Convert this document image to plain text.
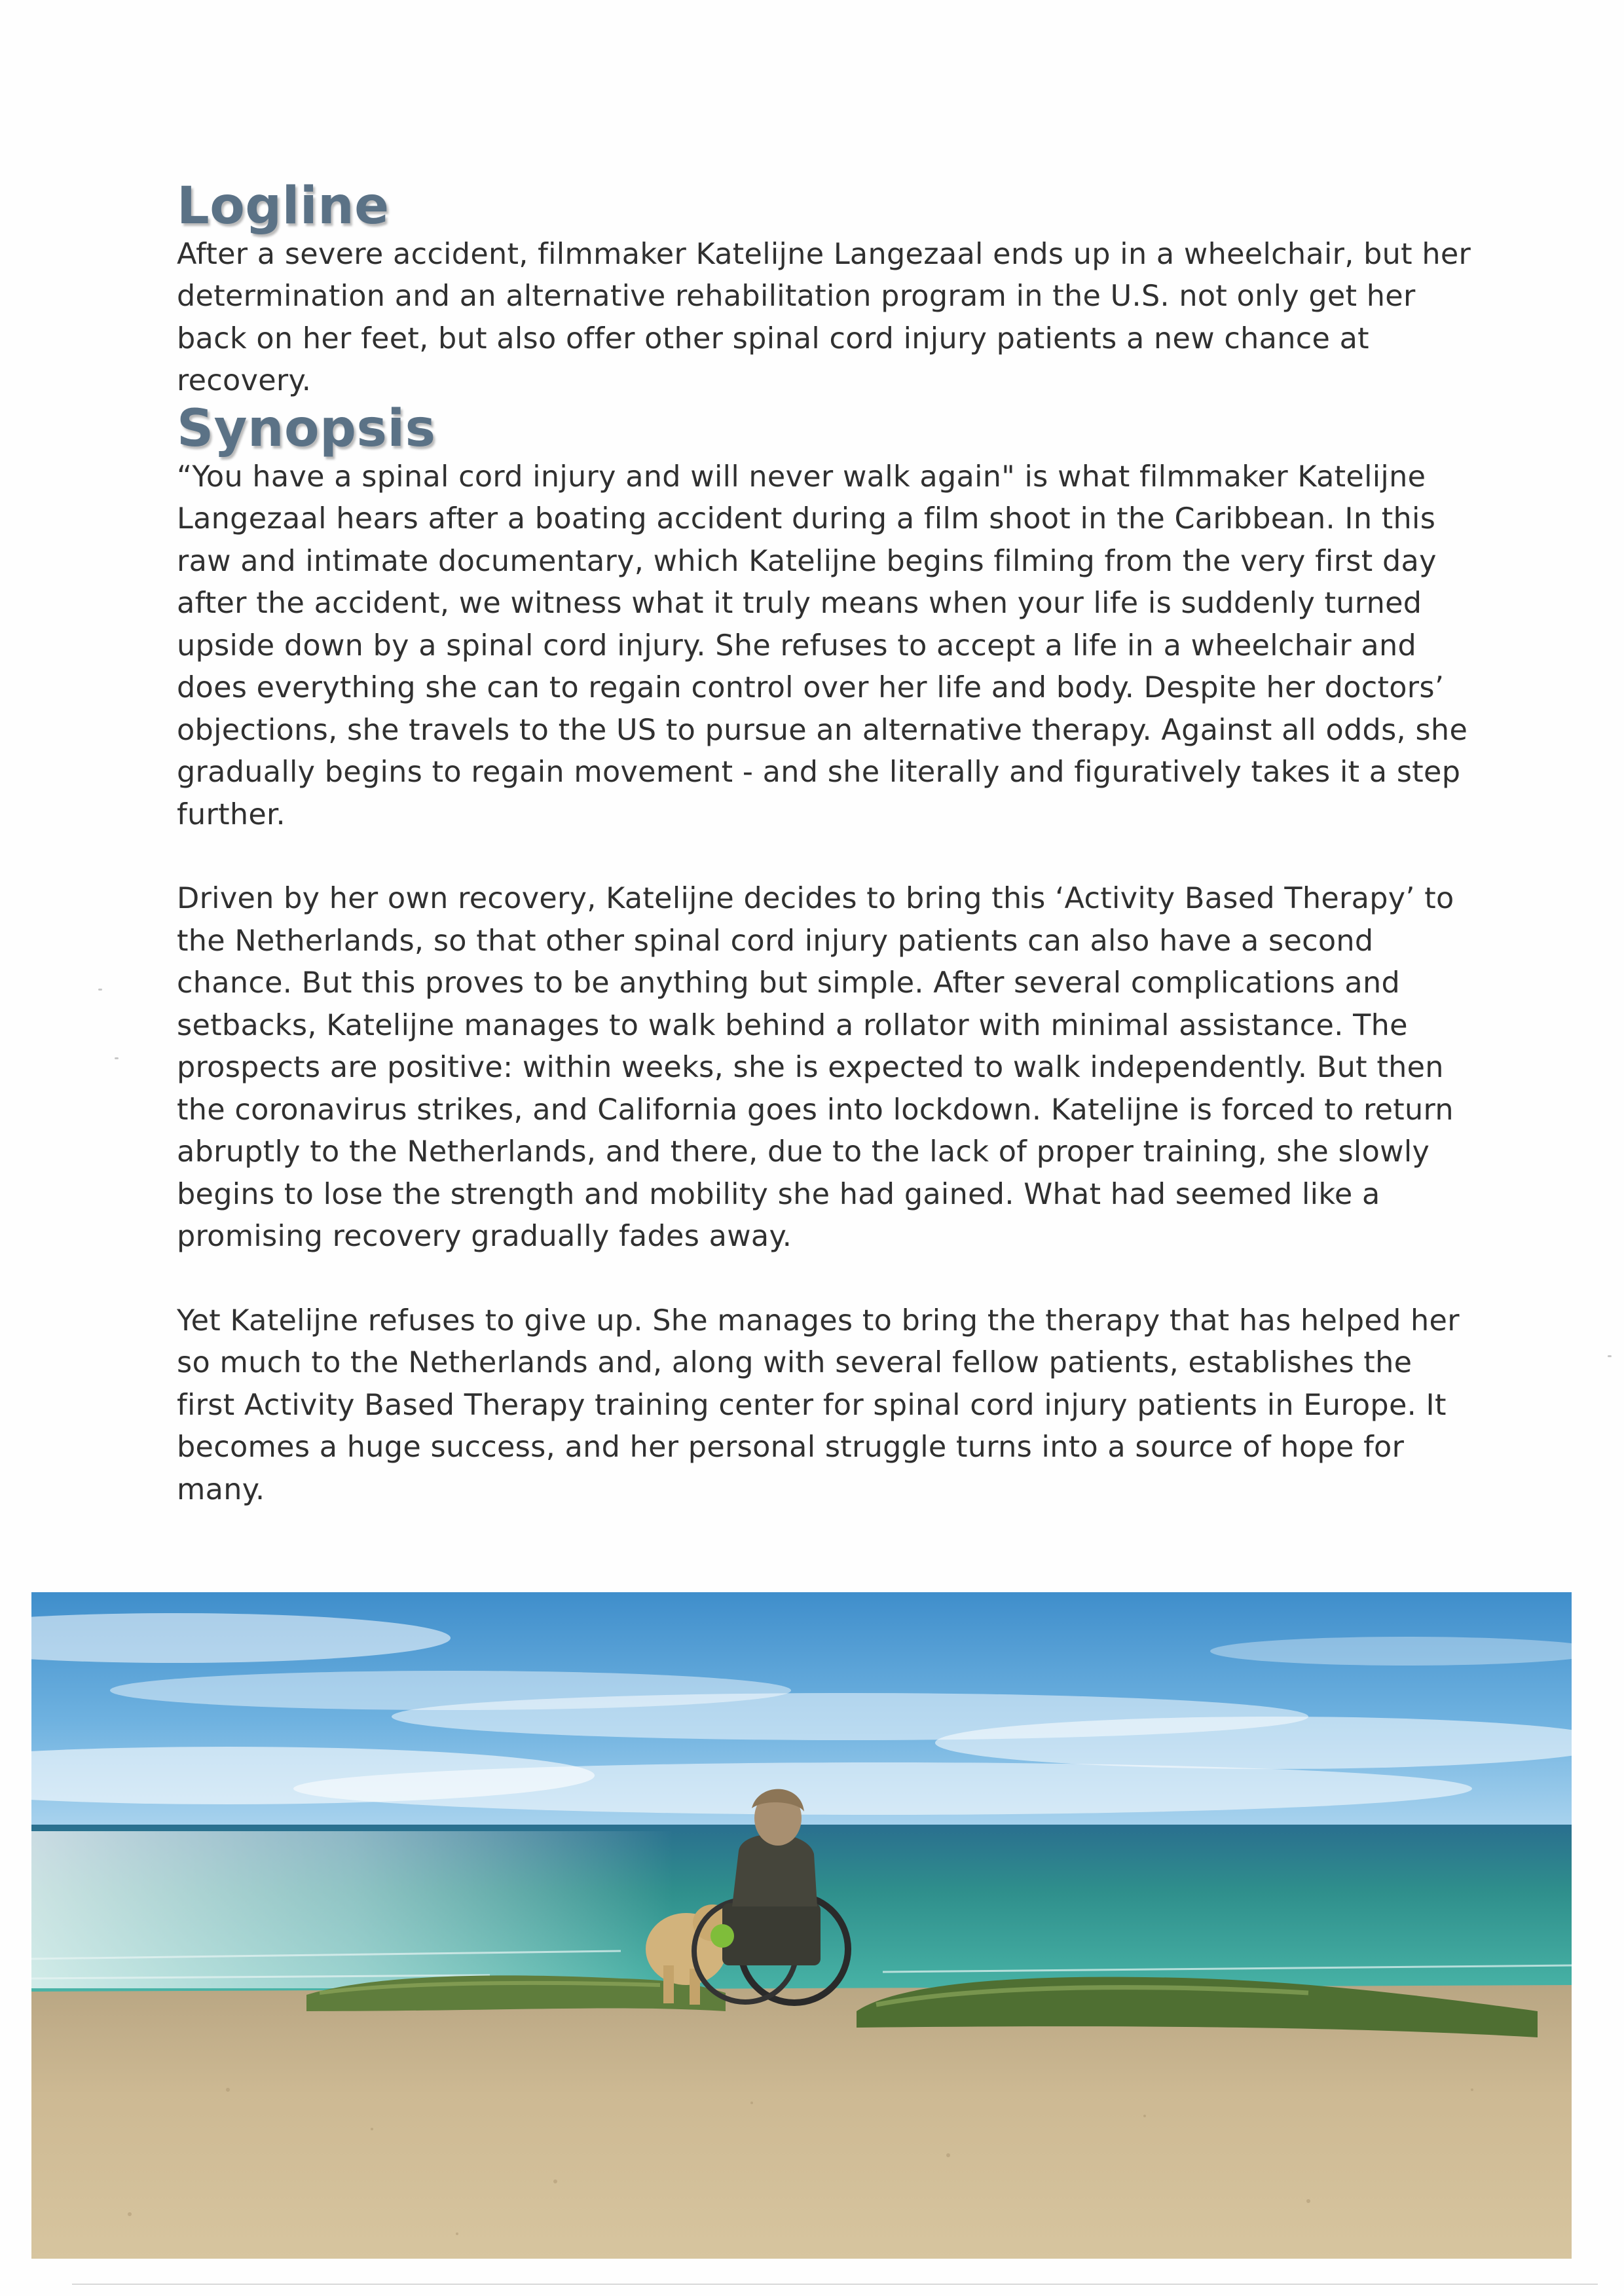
Logline

After a severe accident, filmmaker Katelijne Langezaal ends up in a wheelchair, but her determination and an alternative rehabilitation program in the U.S. not only get her back on her feet, but also offer other spinal cord injury patients a new chance at recovery.

Synopsis

“You have a spinal cord injury and will never walk again" is what filmmaker Katelijne Langezaal hears after a boating accident during a film shoot in the Caribbean. In this raw and intimate documentary, which Katelijne begins filming from the very first day after the accident, we witness what it truly means when your life is suddenly turned upside down by a spinal cord injury. She refuses to accept a life in a wheelchair and does everything she can to regain control over her life and body. Despite her doctors’ objections, she travels to the US to pursue an alternative therapy. Against all odds, she gradually begins to regain movement - and she literally and figuratively takes it a step further.

Driven by her own recovery, Katelijne decides to bring this ‘Activity Based Therapy’ to the Netherlands, so that other spinal cord injury patients can also have a second chance. But this proves to be anything but simple. After several complications and setbacks, Katelijne manages to walk behind a rollator with minimal assistance. The prospects are positive: within weeks, she is expected to walk independently. But then the coronavirus strikes, and California goes into lockdown. Katelijne is forced to return abruptly to the Netherlands, and there, due to the lack of proper training, she slowly begins to lose the strength and mobility she had gained. What had seemed like a promising recovery gradually fades away.

Yet Katelijne refuses to give up. She manages to bring the therapy that has helped her so much to the Netherlands and, along with several fellow patients, establishes the first Activity Based Therapy training center for spinal cord injury patients in Europe. It becomes a huge success, and her personal struggle turns into a source of hope for many.
